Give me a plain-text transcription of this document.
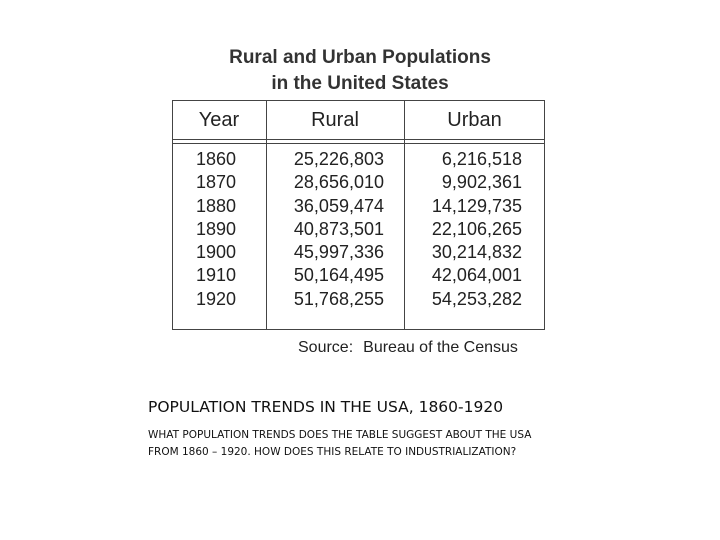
Rural and Urban Populations
in the United States
Year	Rural	Urban
1860	25,226,803	6,216,518
1870	28,656,010	9,902,361
1880	36,059,474	14,129,735
1890	40,873,501	22,106,265
1900	45,997,336	30,214,832
1910	50,164,495	42,064,001
1920	51,768,255	54,253,282
Source: Bureau of the Census
POPULATION TRENDS IN THE USA, 1860-1920
WHAT POPULATION TRENDS DOES THE TABLE SUGGEST ABOUT THE USA
FROM 1860 – 1920. HOW DOES THIS RELATE TO INDUSTRIALIZATION?
